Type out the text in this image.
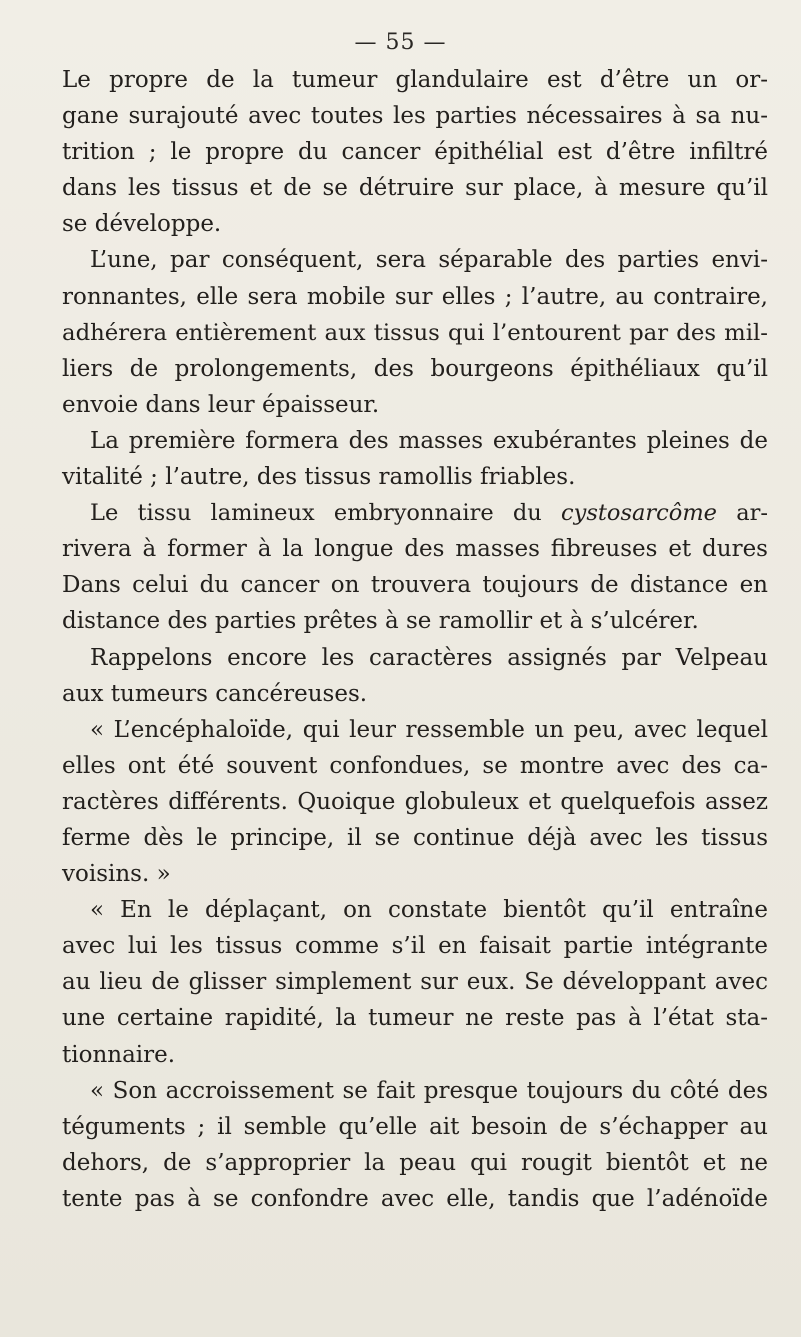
— 55 —
Le propre de la tumeur glandulaire est d’être un or-
gane surajouté avec toutes les parties nécessaires à sa nu-
trition ; le propre du cancer épithélial est d’être infiltré
dans les tissus et de se détruire sur place, à mesure qu’il
se développe.
L’une, par conséquent, sera séparable des parties envi-
ronnantes, elle sera mobile sur elles ; l’autre, au contraire,
adhérera entièrement aux tissus qui l’entourent par des mil-
liers de prolongements, des bourgeons épithéliaux qu’il
envoie dans leur épaisseur.
La première formera des masses exubérantes pleines de
vitalité ; l’autre, des tissus ramollis friables.
Le tissu lamineux embryonnaire du cystosarcôme ar-
rivera à former à la longue des masses fibreuses et dures
Dans celui du cancer on trouvera toujours de distance en
distance des parties prêtes à se ramollir et à s’ulcérer.
Rappelons encore les caractères assignés par Velpeau
aux tumeurs cancéreuses.
« L’encéphaloïde, qui leur ressemble un peu, avec lequel
elles ont été souvent confondues, se montre avec des ca-
ractères différents. Quoique globuleux et quelquefois assez
ferme dès le principe, il se continue déjà avec les tissus
voisins. »
« En le déplaçant, on constate bientôt qu’il entraîne
avec lui les tissus comme s’il en faisait partie intégrante
au lieu de glisser simplement sur eux. Se développant avec
une certaine rapidité, la tumeur ne reste pas à l’état sta-
tionnaire.
« Son accroissement se fait presque toujours du côté des
téguments ; il semble qu’elle ait besoin de s’échapper au
dehors, de s’approprier la peau qui rougit bientôt et ne
tente pas à se confondre avec elle, tandis que l’adénoïde
